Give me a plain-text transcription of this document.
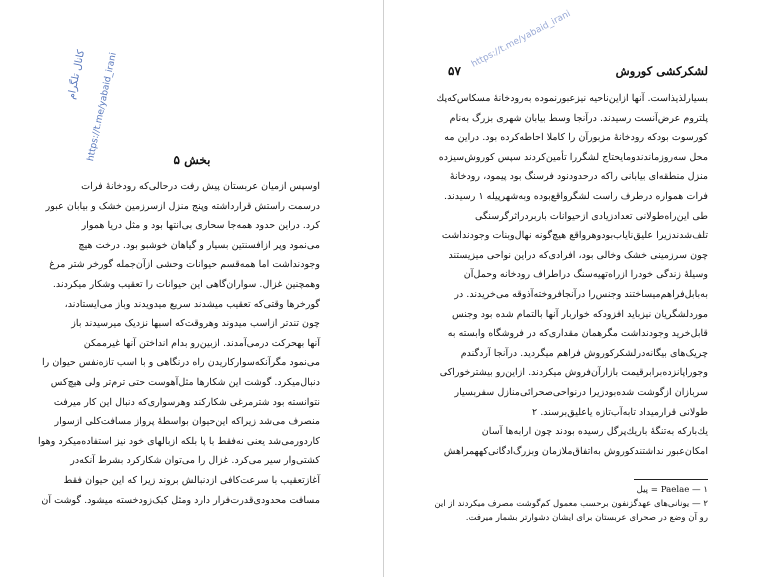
کانال تلگرام
https://t.me/yabaid_irani	بخش ۵
اوسپس ازمیان عربستان پیش رفت درحالی‌که رودخانهٔ فرات
درسمت راستش قرارداشته وپنج منزل ازسرزمین خشک و بیابان عبور
کرد. دراین حدود همه‌جا سحاری بی‌انتها بود و مثل دریا هموار
می‌نمود وپر ازافسنتین بسیار و گیاهان خوشبو بود. درخت هیچ
وجودنداشت اما همه‌قسم حیوانات وحشی ازآن‌جمله گورخر شتر مرغ
وهمچنین غزال. سواران‌گاهی این حیوانات را تعقیب وشکار میکردند.
گورخرها وقتی‌که تعقیب میشدند سریع میدویدند وباز می‌ایستادند،
چون تندتر ازاسب میدوند وهروقت‌که اسبها نزدیک میرسیدند باز
آنها بهحرکت درمی‌آمدند. ازبین‌رو بدام انداختن آنها غیرممکن
می‌نمود مگرآنکه‌سوارکاریدن راه درنگاهی و با اسب تازه‌نفس حیوان را
دنبال‌میکرد. گوشت این شکارها مثل‌آهوست حتی ترم‌تر ولی هیچ‌کس
نتوانسته بود شترمرغی شکارکند وهرسواری‌که دنبال این کار میرفت
منصرف می‌شد زیراکه این‌حیوان بواسطهٔ پرواز مسافت‌کلی ازسوار
کاردورمی‌شد یعنی نه‌فقط با پا بلکه ازبالهای خود نیز استفاده‌میکرد وهوا
کشتی‌وار سیر می‌کرد. غزال را می‌توان شکارکرد بشرط آنکه‌در
آغازتعقیب با سرعت‌کافی ازدنبالش بروند زیرا که این حیوان فقط
مسافت محدودی‌قدرت‌فرار دارد ومثل کبک‌زودخسته میشود. گوشت آن
https://t.me/yabaid_irani
لشکرکشی کوروش
۵۷
بسیارلذیذاست. آنها ازاین‌ناحیه نیزعبورنموده بەرودخانهٔ مسکاس‌که‌پك
پلتروم عرض‌آنست رسیدند. درآنجا وسط بیابان شهری بزرگ به‌نام
کورسوت بودکه رودخانهٔ مزبورآن را کاملا احاطه‌کرده بود. دراین مه
محل سه‌روزماندندومایحتاج لشگررا تأمین‌کردند سپس کوروش‌سیزده
منزل منطقه‌ای بیابانی راکه درحدودنود فرسنگ بود پیمود، رودخانهٔ
فرات همواره درطرف راست لشگرواقع‌بوده وبه‌شهرپیله ۱ رسیدند.
طی این‌راه‌طولانی تعدادزیادی ازحیوانات باربردراثرگرسنگی
تلف‌شدند‌زیرا علیق‌نایاب‌بودوهرواقع هیچ‌گونه نهال‌وبنات وجودنداشت
چون سرزمینی خشک وخالی بود، افرادی‌که دراین نواحی میزیستند
وسیلهٔ زندگی خودرا ازراه‌تهیه‌سنگ دراطراف رودخانه وحمل‌آن
به‌بابل‌فراهم‌میساختند وجنس‌را درآنجا‌فروخته‌آذوقه می‌خریدند. در
موردلشگریان نیزباید افزودکه خواربار آنها بالتمام شده بود وجنس
قابل‌خرید وجودنداشت مگرهمان مقداری‌که در فروشگاه وابسته به
چریک‌های بیگانه‌در‌لشکرکوروش فراهم میگردید. درآنجا آردگندم
وجوراپانزده‌برابرقیمت بازار‌آن‌فروش میکردند. ازاین‌رو بیشترخوراکی
سربازان ازگوشت شدەبود‌زیرا در‌نواحی‌صحرائی‌منازل سفربسیار
طولانی قرارمیداد تا‌به‌آب‌تازه یا‌علیق‌برسند. ۲
یك‌بارکه به‌تنگهٔ باریك‌پرگل رسیده بودند چون ارابه‌ها آسان
امکان‌عبور نداشتندکوروش به‌اتفاق‌ملازمان وبزرگ‌ادگانی‌کههمراهش
۱ — Paelae = پیل
۲ — یونانی‌های عهدگزنفون برحسب معمول کم‌گوشت مصرف میکردند از این
رو آن وضع در صحرای عربستان برای ایشان دشوارتر بشمار میرفت.
